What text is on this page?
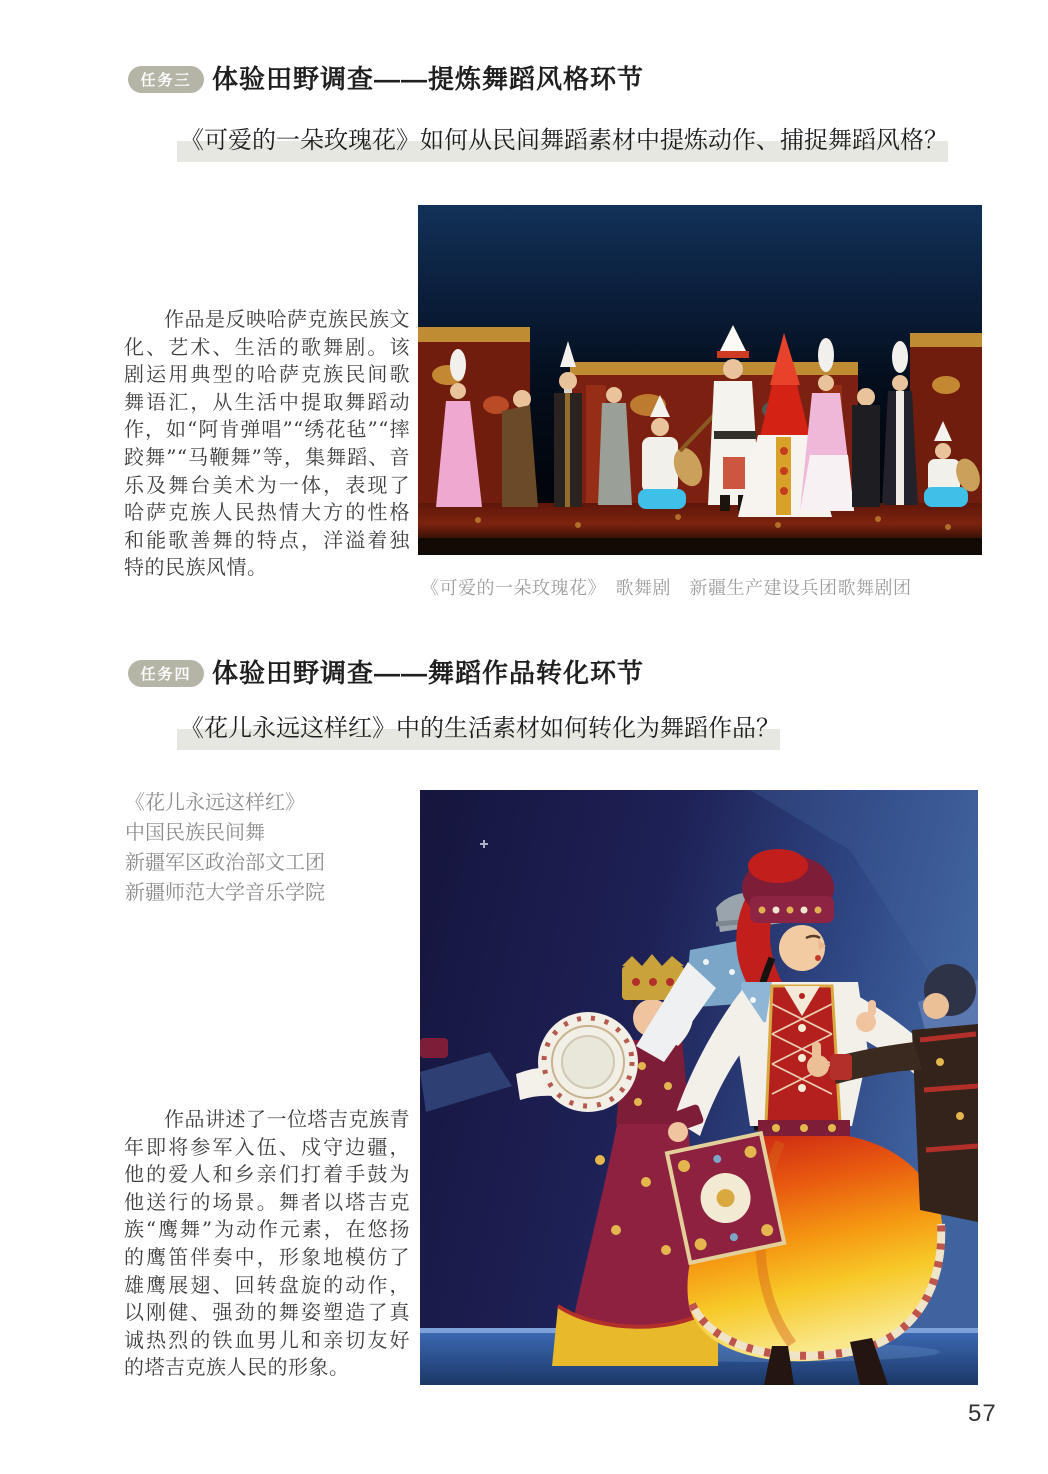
任务三 体验田野调查——提炼舞蹈风格环节
《可爱的一朵玫瑰花》如何从民间舞蹈素材中提炼动作、捕捉舞蹈风格？

作品是反映哈萨克族民族文化、艺术、生活的歌舞剧。该剧运用典型的哈萨克族民间歌舞语汇，从生活中提取舞蹈动作，如“阿肯弹唱”“绣花毡”“摔跤舞”“马鞭舞”等，集舞蹈、音乐及舞台美术为一体，表现了哈萨克族人民热情大方的性格和能歌善舞的特点，洋溢着独特的民族风情。

《可爱的一朵玫瑰花》　歌舞剧　新疆生产建设兵团歌舞剧团
任务四 体验田野调查——舞蹈作品转化环节
《花儿永远这样红》中的生活素材如何转化为舞蹈作品？
《花儿永远这样红》
中国民族民间舞
新疆军区政治部文工团
新疆师范大学音乐学院

作品讲述了一位塔吉克族青年即将参军入伍、戍守边疆，他的爱人和乡亲们打着手鼓为他送行的场景。舞者以塔吉克族“鹰舞”为动作元素，在悠扬的鹰笛伴奏中，形象地模仿了雄鹰展翅、回转盘旋的动作，以刚健、强劲的舞姿塑造了真诚热烈的铁血男儿和亲切友好的塔吉克族人民的形象。

57
